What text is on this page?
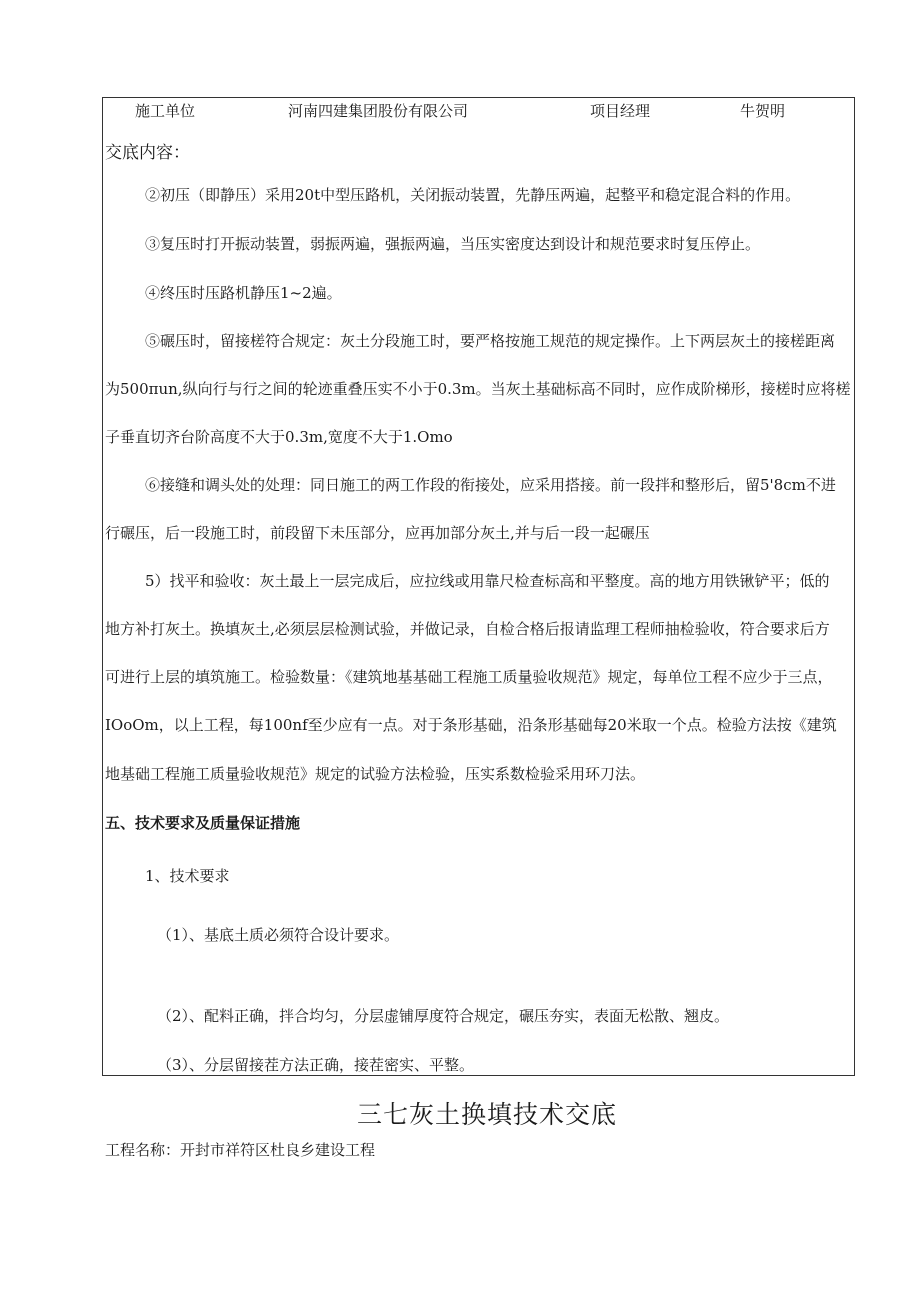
施工单位	河南四建集团股份有限公司	项目经理	牛贺明
交底内容：
②初压（即静压）采用20t中型压路机，关闭振动装置，先静压两遍，起整平和稳定混合料的作用。
③复压时打开振动装置，弱振两遍，强振两遍，当压实密度达到设计和规范要求时复压停止。
④终压时压路机静压1~2遍。
⑤碾压时，留接槎符合规定：灰土分段施工时，要严格按施工规范的规定操作。上下两层灰土的接槎距离
为500πun,纵向行与行之间的轮迹重叠压实不小于0.3m。当灰土基础标高不同时，应作成阶梯形，接槎时应将槎
子垂直切齐台阶高度不大于0.3m,宽度不大于1.Omo
⑥接缝和调头处的处理：同日施工的两工作段的衔接处，应采用搭接。前一段拌和整形后，留5'8cm不进
行碾压，后一段施工时，前段留下未压部分，应再加部分灰土,并与后一段一起碾压
5）找平和验收：灰土最上一层完成后，应拉线或用靠尺检查标高和平整度。高的地方用铁锹铲平；低的
地方补打灰土。换填灰土,必须层层检测试验，并做记录，自检合格后报请监理工程师抽检验收，符合要求后方
可进行上层的填筑施工。检验数量：《建筑地基基础工程施工质量验收规范》规定，每单位工程不应少于三点，
IOoOm，以上工程，每100nf至少应有一点。对于条形基础，沿条形基础每20米取一个点。检验方法按《建筑
地基础工程施工质量验收规范》规定的试验方法检验，压实系数检验采用环刀法。
五、技术要求及质量保证措施
1、技术要求
（1）、基底土质必须符合设计要求。
（2）、配料正确，拌合均匀，分层虚铺厚度符合规定，碾压夯实，表面无松散、翘皮。
（3）、分层留接茬方法正确，接茬密实、平整。
三七灰土换填技术交底
工程名称：开封市祥符区杜良乡建设工程
